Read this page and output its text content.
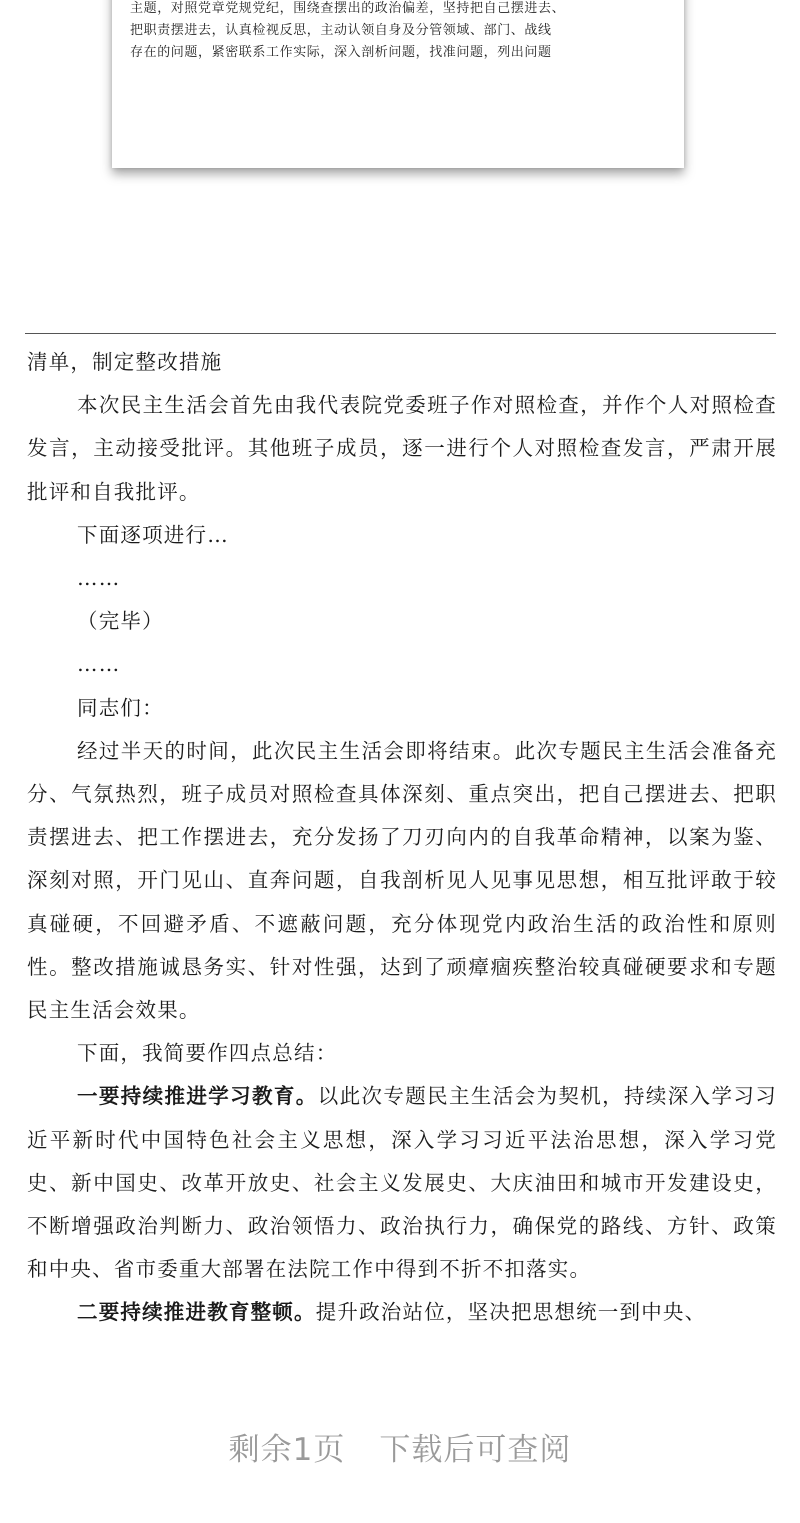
主题，对照党章党规党纪，围绕查摆出的政治偏差，坚持把自己摆进去、
把职责摆进去，认真检视反思，主动认领自身及分管领域、部门、战线
存在的问题，紧密联系工作实际，深入剖析问题，找准问题，列出问题

清单，制定整改措施

本次民主生活会首先由我代表院党委班子作对照检查，并作个人对照检查发言，主动接受批评。其他班子成员，逐一进行个人对照检查发言，严肃开展批评和自我批评。

下面逐项进行…

……

（完毕）

……

同志们：

经过半天的时间，此次民主生活会即将结束。此次专题民主生活会准备充分、气氛热烈，班子成员对照检查具体深刻、重点突出，把自己摆进去、把职责摆进去、把工作摆进去，充分发扬了刀刃向内的自我革命精神，以案为鉴、深刻对照，开门见山、直奔问题，自我剖析见人见事见思想，相互批评敢于较真碰硬，不回避矛盾、不遮蔽问题，充分体现党内政治生活的政治性和原则性。整改措施诚恳务实、针对性强，达到了顽瘴痼疾整治较真碰硬要求和专题民主生活会效果。

下面，我简要作四点总结：

一要持续推进学习教育。以此次专题民主生活会为契机，持续深入学习习近平新时代中国特色社会主义思想，深入学习习近平法治思想，深入学习党史、新中国史、改革开放史、社会主义发展史、大庆油田和城市开发建设史，不断增强政治判断力、政治领悟力、政治执行力，确保党的路线、方针、政策和中央、省市委重大部署在法院工作中得到不折不扣落实。

二要持续推进教育整顿。提升政治站位，坚决把思想统一到中央、

剩余1页 下载后可查阅
